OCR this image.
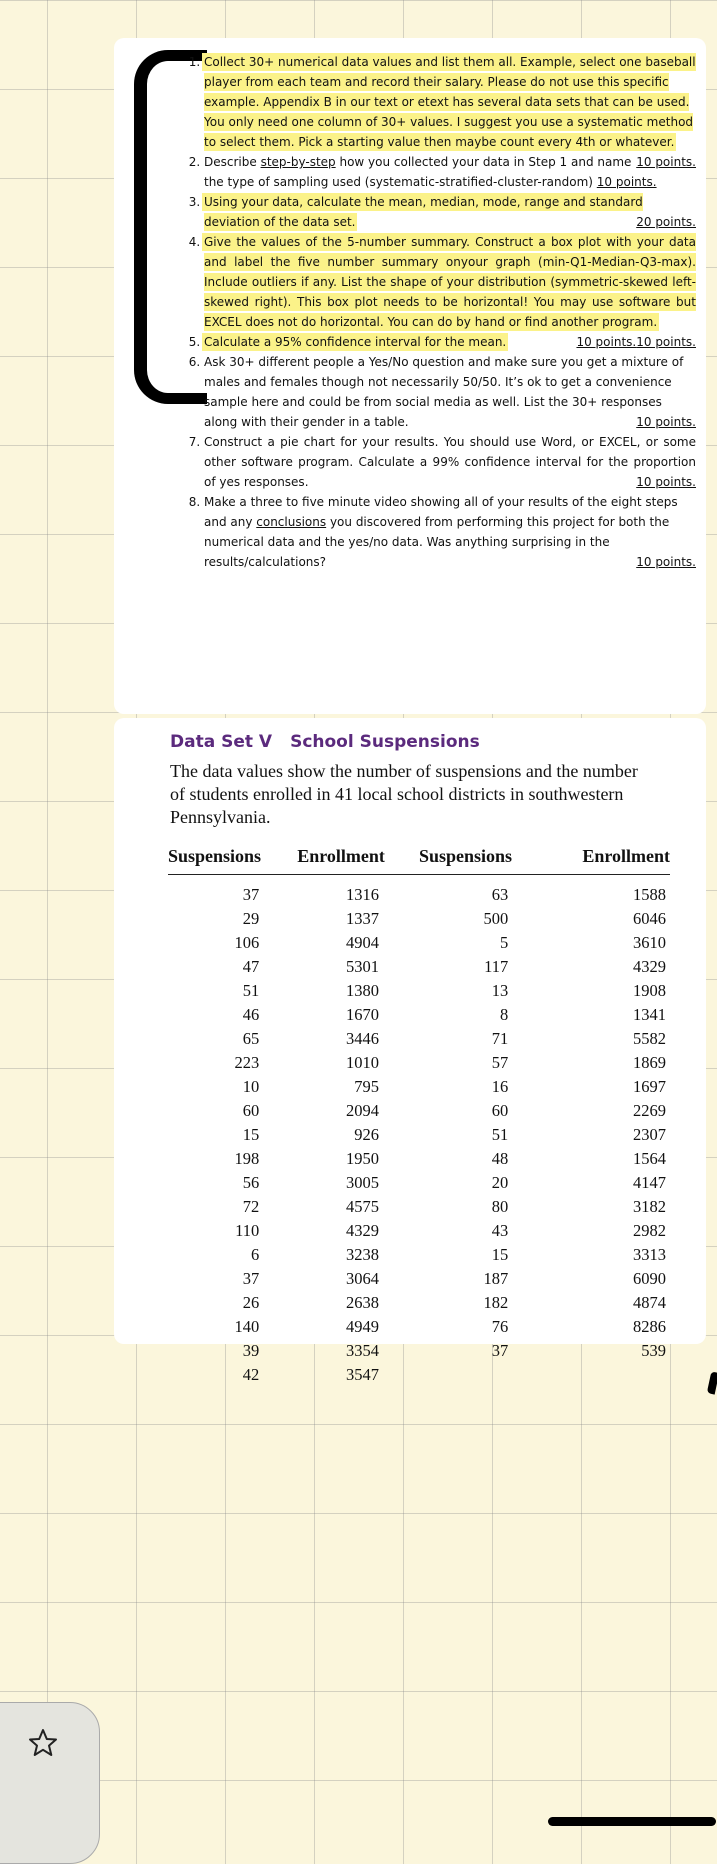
1. Collect 30+ numerical data values and list them all. Example, select one baseball player from each team and record their salary. Please do not use this specific example. Appendix B in our text or etext has several data sets that can be used. You only need one column of 30+ values. I suggest you use a systematic method to select them. Pick a starting value then maybe count every 4th or whatever.
10 points.
2. Describe step-by-step how you collected your data in Step 1 and name the type of sampling used (systematic-stratified-cluster-random) 10 points.
3. Using your data, calculate the mean, median, mode, range and standard deviation of the data set.	20 points.
4. Give the values of the 5-number summary. Construct a box plot with your data and label the five number summary onyour graph (min-Q1-Median-Q3-max). Include outliers if any. List the shape of your distribution (symmetric-skewed left-skewed right). This box plot needs to be horizontal! You may use software but EXCEL does not do horizontal. You can do by hand or find another program.
10 points.
5. Calculate a 95% confidence interval for the mean.	10 points.
6. Ask 30+ different people a Yes/No question and make sure you get a mixture of males and females though not necessarily 50/50. It’s ok to get a convenience sample here and could be from social media as well. List the 30+ responses along with their gender in a table.	10 points.
7. Construct a pie chart for your results. You should use Word, or EXCEL, or some other software program. Calculate a 99% confidence interval for the proportion of yes responses.	10 points.
8. Make a three to five minute video showing all of your results of the eight steps and any conclusions you discovered from performing this project for both the numerical data and the yes/no data. Was anything surprising in the results/calculations?	10 points.
Data Set V School Suspensions
The data values show the number of suspensions and the number of students enrolled in 41 local school districts in southwestern Pennsylvania.
Suspensions	Enrollment	Suspensions	Enrollment
37	1316	63	1588
29	1337	500	6046
106	4904	5	3610
47	5301	117	4329
51	1380	13	1908
46	1670	8	1341
65	3446	71	5582
223	1010	57	1869
10	795	16	1697
60	2094	60	2269
15	926	51	2307
198	1950	48	1564
56	3005	20	4147
72	4575	80	3182
110	4329	43	2982
6	3238	15	3313
37	3064	187	6090
26	2638	182	4874
140	4949	76	8286
39	3354	37	539
42	3547		
